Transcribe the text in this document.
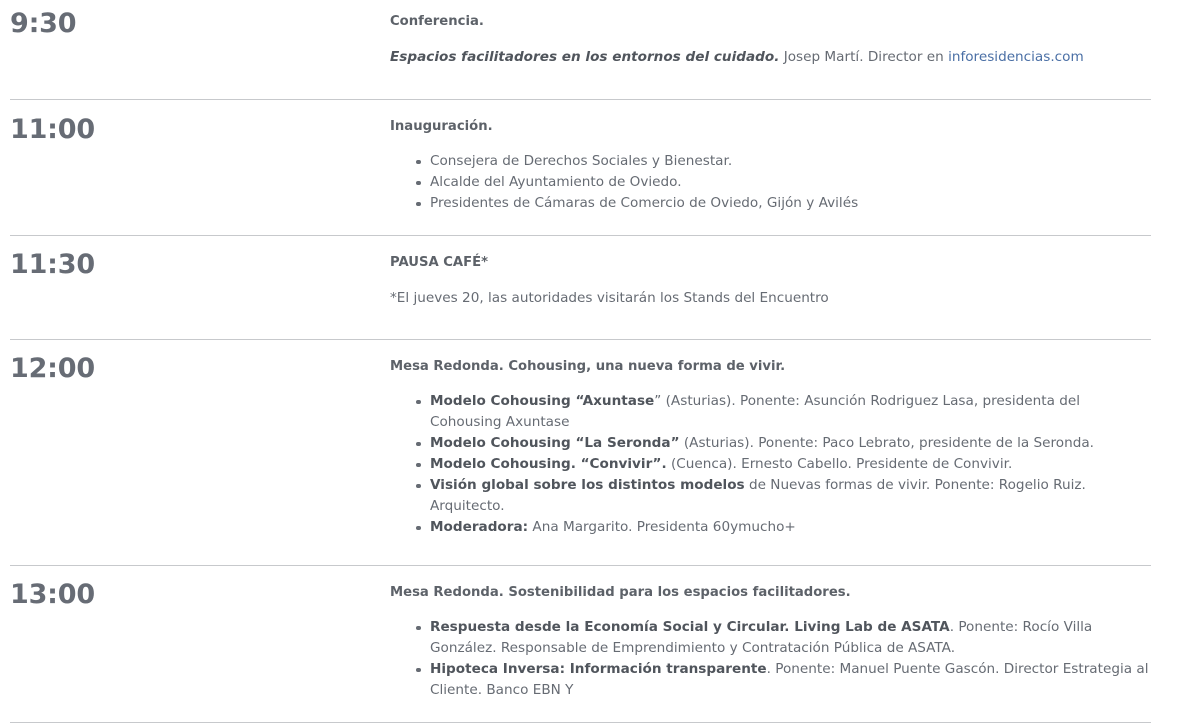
9:30	Conferencia.
Espacios facilitadores en los entornos del cuidado. Josep Martí. Director en inforesidencias.com
11:00	Inauguración.
Consejera de Derechos Sociales y Bienestar.
Alcalde del Ayuntamiento de Oviedo.
Presidentes de Cámaras de Comercio de Oviedo, Gijón y Avilés
11:30	PAUSA CAFÉ*
*El jueves 20, las autoridades visitarán los Stands del Encuentro
12:00	Mesa Redonda. Cohousing, una nueva forma de vivir.
Modelo Cohousing “Axuntase” (Asturias). Ponente: Asunción Rodriguez Lasa, presidenta del Cohousing Axuntase
Modelo Cohousing “La Seronda” (Asturias). Ponente: Paco Lebrato, presidente de la Seronda.
Modelo Cohousing. “Convivir”. (Cuenca). Ernesto Cabello. Presidente de Convivir.
Visión global sobre los distintos modelos de Nuevas formas de vivir. Ponente: Rogelio Ruiz. Arquitecto.
Moderadora: Ana Margarito. Presidenta 60ymucho+
13:00	Mesa Redonda. Sostenibilidad para los espacios facilitadores.
Respuesta desde la Economía Social y Circular. Living Lab de ASATA. Ponente: Rocío Villa González. Responsable de Emprendimiento y Contratación Pública de ASATA.
Hipoteca Inversa: Información transparente. Ponente: Manuel Puente Gascón. Director Estrategia al Cliente. Banco EBN Y
